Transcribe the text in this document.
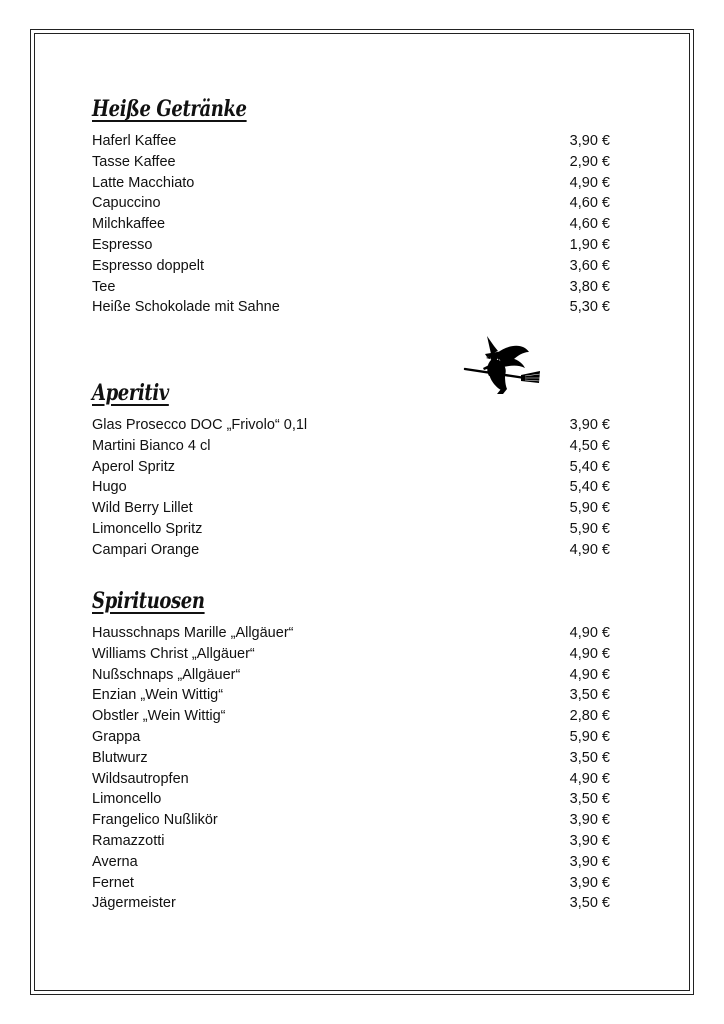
Heiße Getränke
Haferl Kaffee	3,90 €
Tasse Kaffee	2,90 €
Latte Macchiato	4,90 €
Capuccino	4,60 €
Milchkaffee	4,60 €
Espresso	1,90 €
Espresso doppelt	3,60 €
Tee	3,80 €
Heiße Schokolade mit Sahne	5,30 €
Aperitiv
Glas Prosecco DOC „Frivolo“ 0,1l	3,90 €
Martini Bianco 4 cl	4,50 €
Aperol Spritz	5,40 €
Hugo	5,40 €
Wild Berry Lillet	5,90 €
Limoncello Spritz	5,90 €
Campari Orange	4,90 €
Spirituosen
Hausschnaps Marille „Allgäuer“	4,90 €
Williams Christ „Allgäuer“	4,90 €
Nußschnaps „Allgäuer“	4,90 €
Enzian „Wein Wittig“	3,50 €
Obstler „Wein Wittig“	2,80 €
Grappa	5,90 €
Blutwurz	3,50 €
Wildsautropfen	4,90 €
Limoncello	3,50 €
Frangelico Nußlikör	3,90 €
Ramazzotti	3,90 €
Averna	3,90 €
Fernet	3,90 €
Jägermeister	3,50 €
